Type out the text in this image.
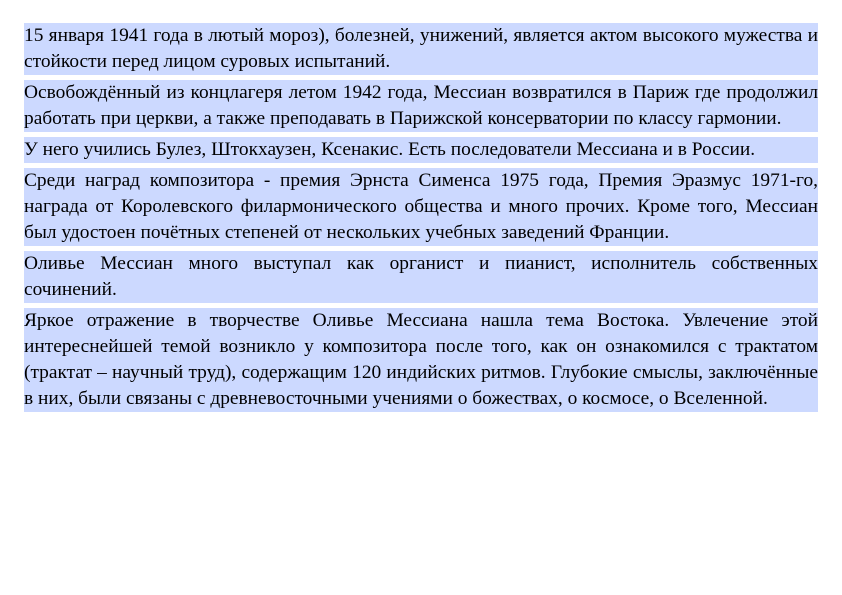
15 января 1941 года в лютый мороз), болезней, унижений, является актом высокого мужества и стойкости перед лицом суровых испытаний.

Освобождённый из концлагеря летом 1942 года, Мессиан возвратился в Париж где продолжил работать при церкви, а также преподавать в Парижской консерватории по классу гармонии.

У него учились Булез, Штокхаузен, Ксенакис. Есть последователи Мессиана и в России.

Среди наград композитора - премия Эрнста Сименса 1975 года, Премия Эразмус 1971-го, награда от Королевского филармонического общества и много прочих. Кроме того, Мессиан был удостоен почётных степеней от нескольких учебных заведений Франции.

Оливье Мессиан много выступал как органист и пианист, исполнитель собственных сочинений.

Яркое отражение в творчестве Оливье Мессиана нашла тема Востока. Увлечение этой интереснейшей темой возникло у композитора после того, как он ознакомился с трактатом (трактат – научный труд), содержащим 120 индийских ритмов. Глубокие смыслы, заключённые в них, были связаны с древневосточными учениями о божествах, о космосе, о Вселенной.
